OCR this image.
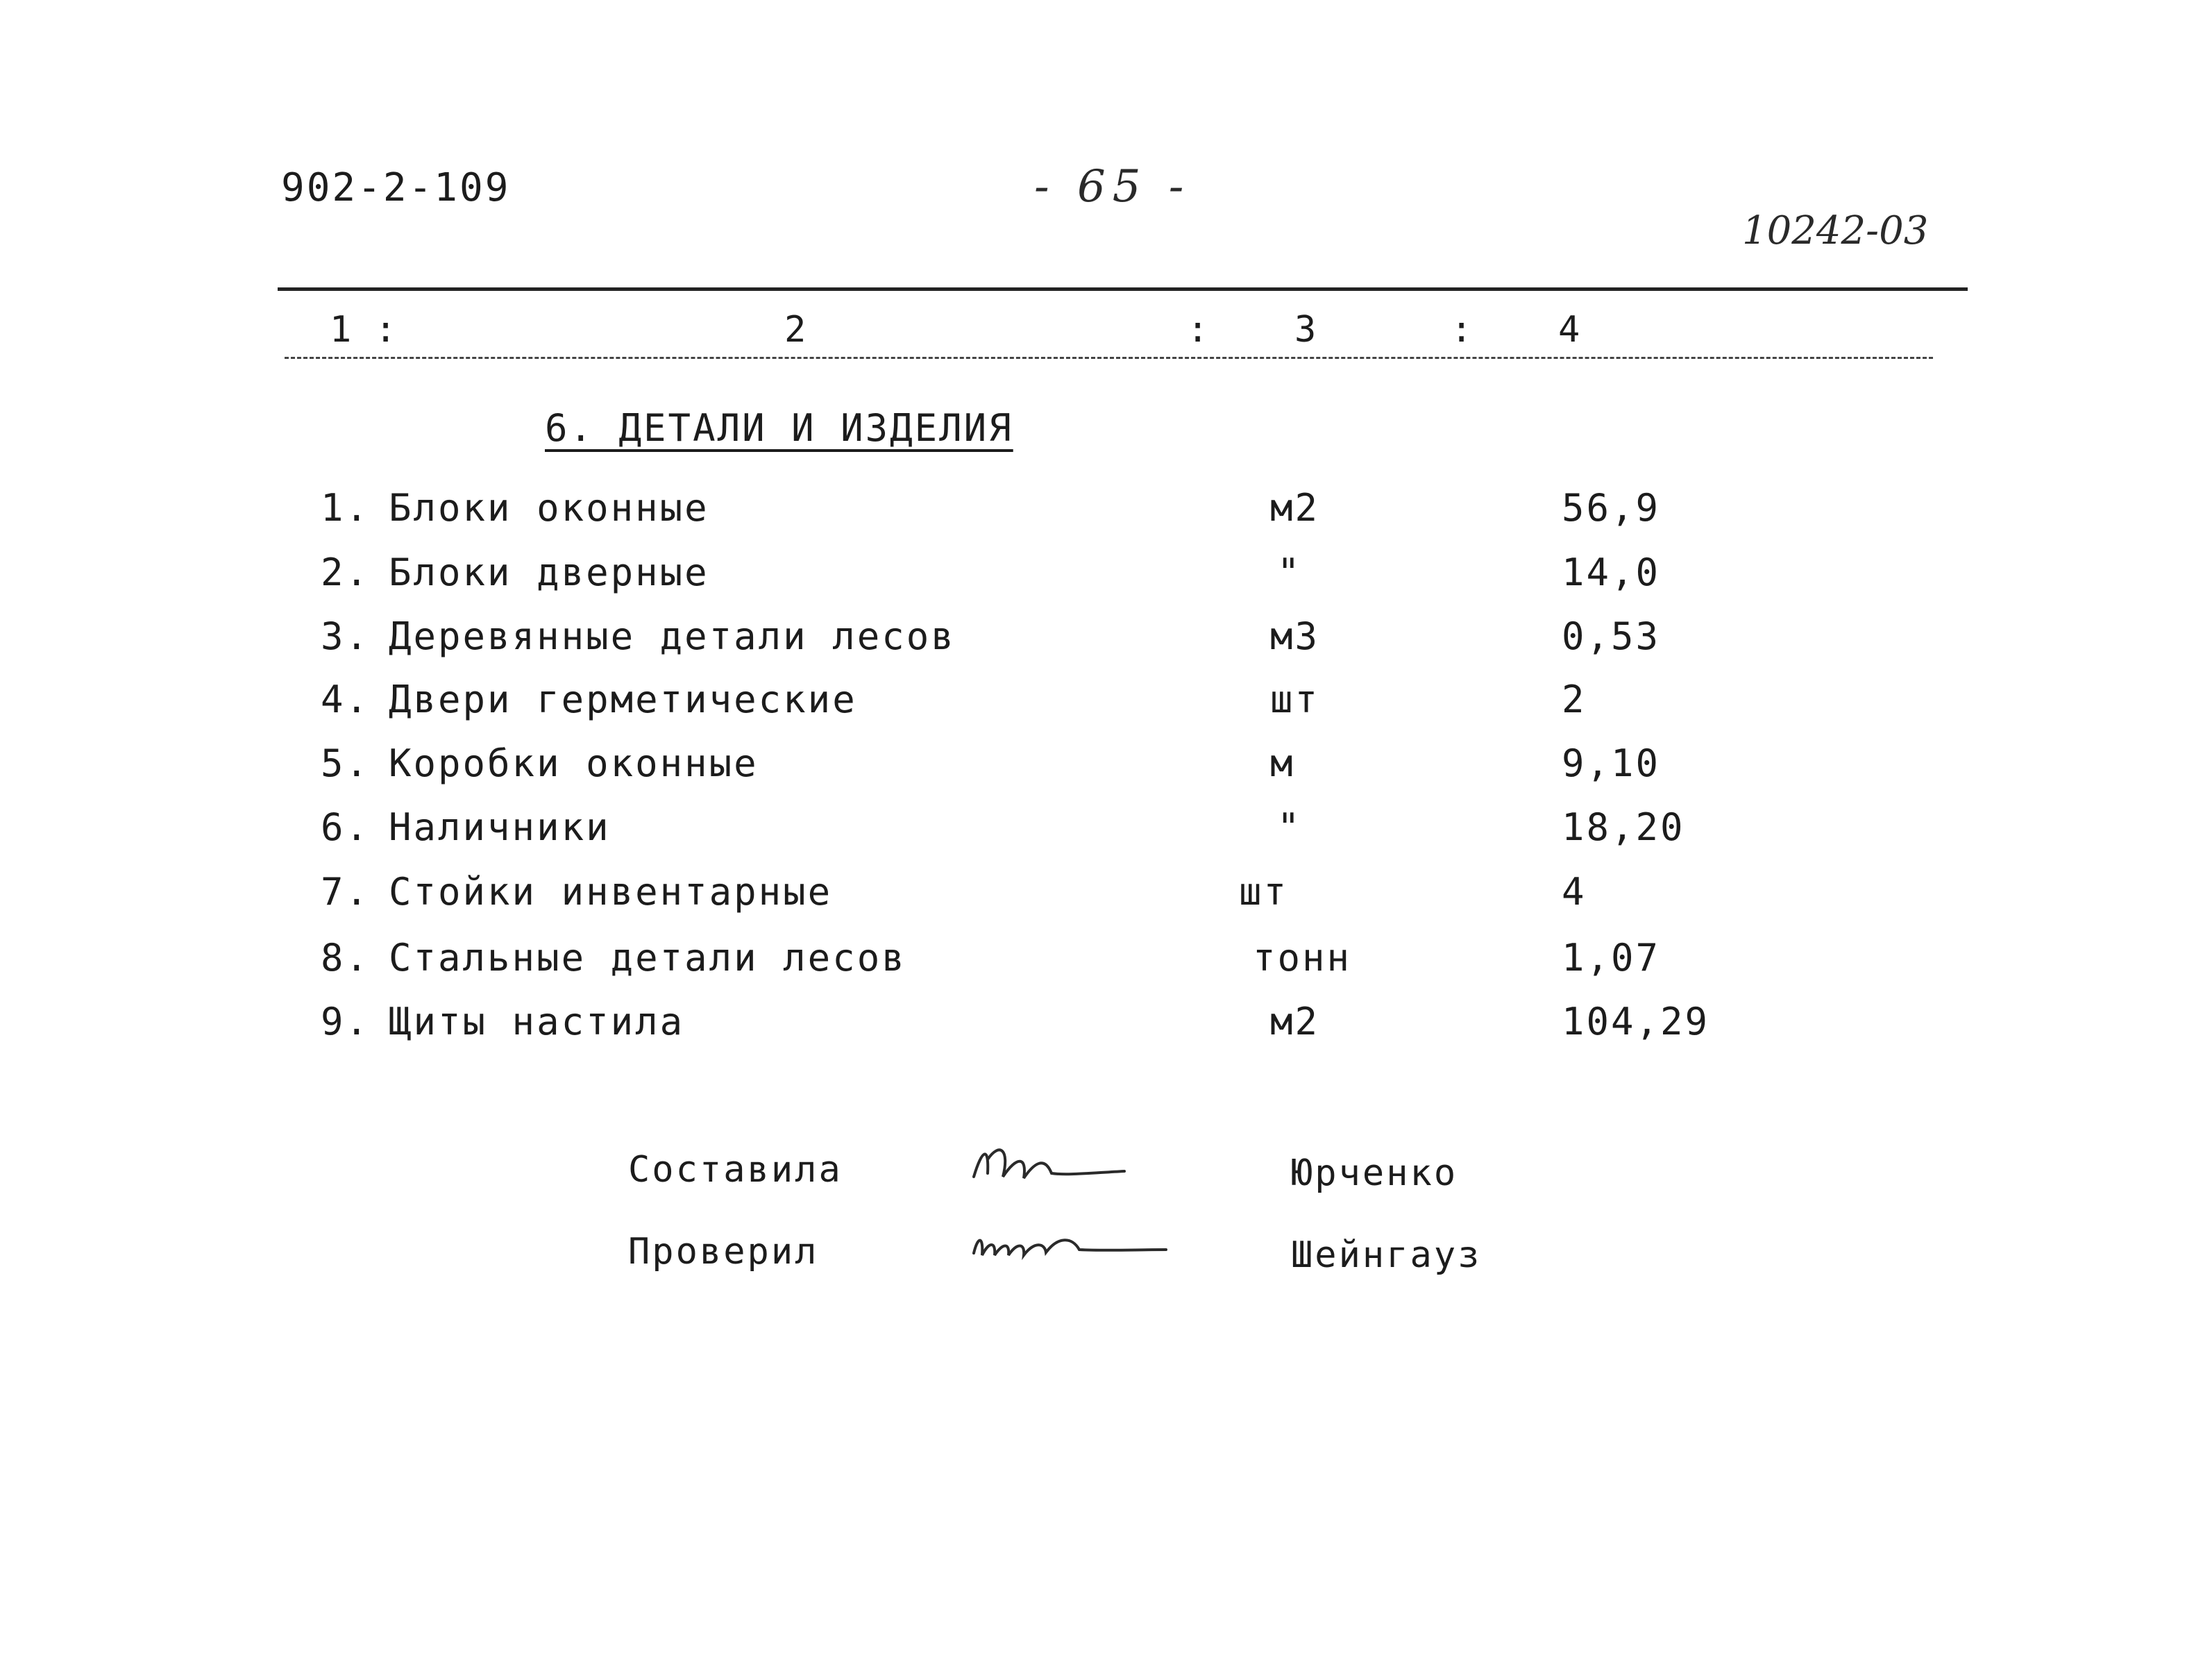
902-2-109	- 65 -
10242-03
1 :	2	: 3	: 4
6. ДЕТАЛИ И ИЗДЕЛИЯ
1. Блоки оконные	м2	56,9
2. Блоки дверные	"	14,0
3. Деревянные детали лесов	м3	0,53
4. Двери герметические	шт	2
5. Коробки оконные	м	9,10
6. Наличники	"	18,20
7. Стойки инвентарные	шт	4
8. Стальные детали лесов	тонн	1,07
9. Щиты настила	м2	104,29
Составила	Юрченко
Проверил	Шейнгауз
